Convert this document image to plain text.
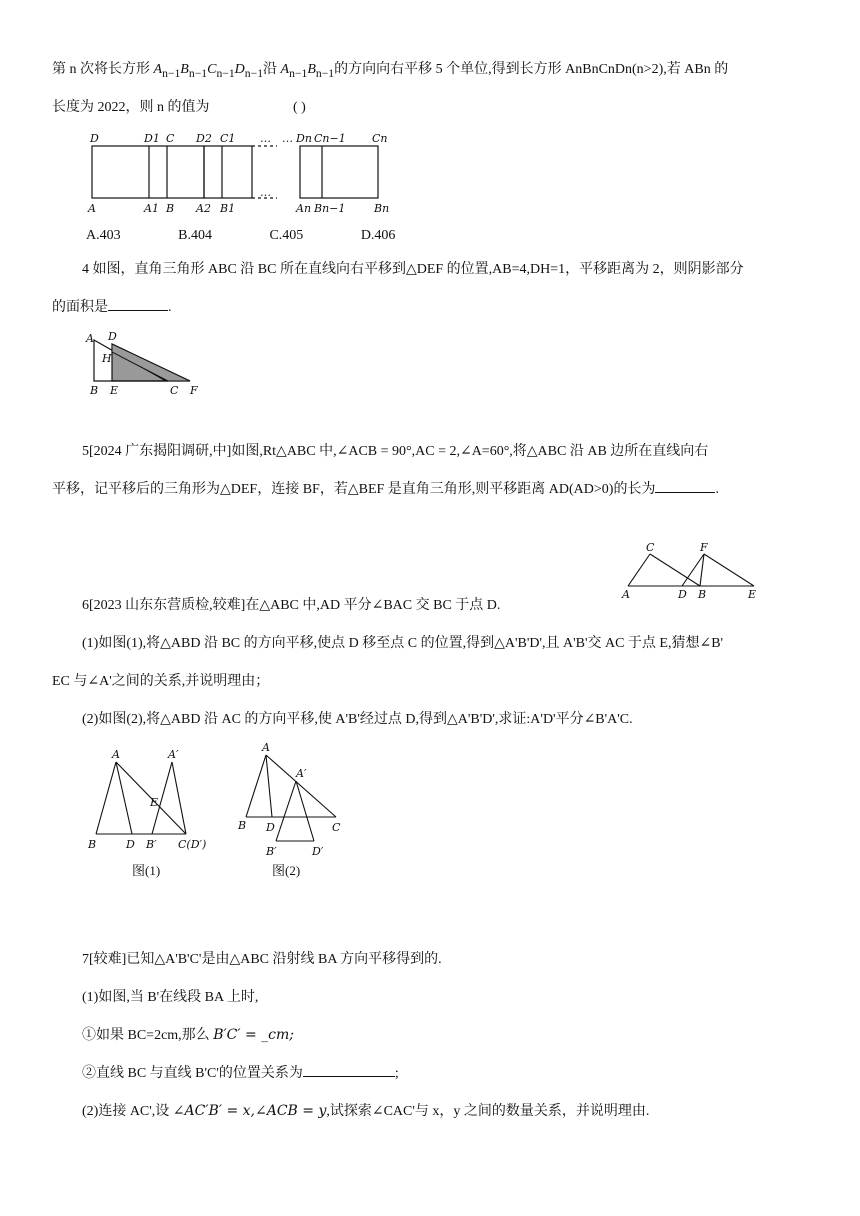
第 n 次将长方形 $A_{n-1}B_{n-1}C_{n-1}D_{n-1}$沿 $A_{n-1}B_{n-1}$的方向向右平移 5 个单位,得到长方形 AnBnCnDn(n>2),若 ABn 的
长度为 2022，则 n 的值为	( )
D	D1 C D2 C1 … … Dn Cn−1 Cn
A	A1 B A2 B1
…
An Bn−1	Bn
A.403	B.404	C.405	D.406
4 如图，直角三角形 ABC 沿 BC 所在直线向右平移到△DEF 的位置,AB=4,DH=1，平移距离为 2，则阴影部分
的面积是	.
A D
H
B E	C F
5[2024 广东揭阳调研,中]如图,Rt△ABC 中,∠ACB = 90°,AC = 2,∠A=60°,将△ABC 沿 AB 边所在直线向右
平移，记平移后的三角形为△DEF，连接 BF，若△BEF 是直角三角形,则平移距离 AD(AD>0)的长为	.
C	F
A	D B	E
6[2023 山东东营质检,较难]在△ABC 中,AD 平分∠BAC 交 BC 于点 D.
(1)如图(1),将△ABD 沿 BC 的方向平移,使点 D 移至点 C 的位置,得到△A'B'D',且 A'B'交 AC 于点 E,猜想∠B'
EC 与∠A'之间的关系,并说明理由；
(2)如图(2),将△ABD 沿 AC 的方向平移,使 A'B'经过点 D,得到△A'B'D',求证:A'D'平分∠B'A'C.
A	A′
E
B	D B′ C(D′)
图(1)
A
A′
B D	C
B′	D′
图(2)
7[较难]已知△A'B'C'是由△ABC 沿射线 BA 方向平移得到的.
(1)如图,当 B'在线段 BA 上时,
①如果 BC=2cm,那么 B′C′ = _cm;
②直线 BC 与直线 B'C'的位置关系为	;
(2)连接 AC',设 ∠AC′B′ = x,∠ACB = y,试探索∠CAC'与 x，y 之间的数量关系，并说明理由.
